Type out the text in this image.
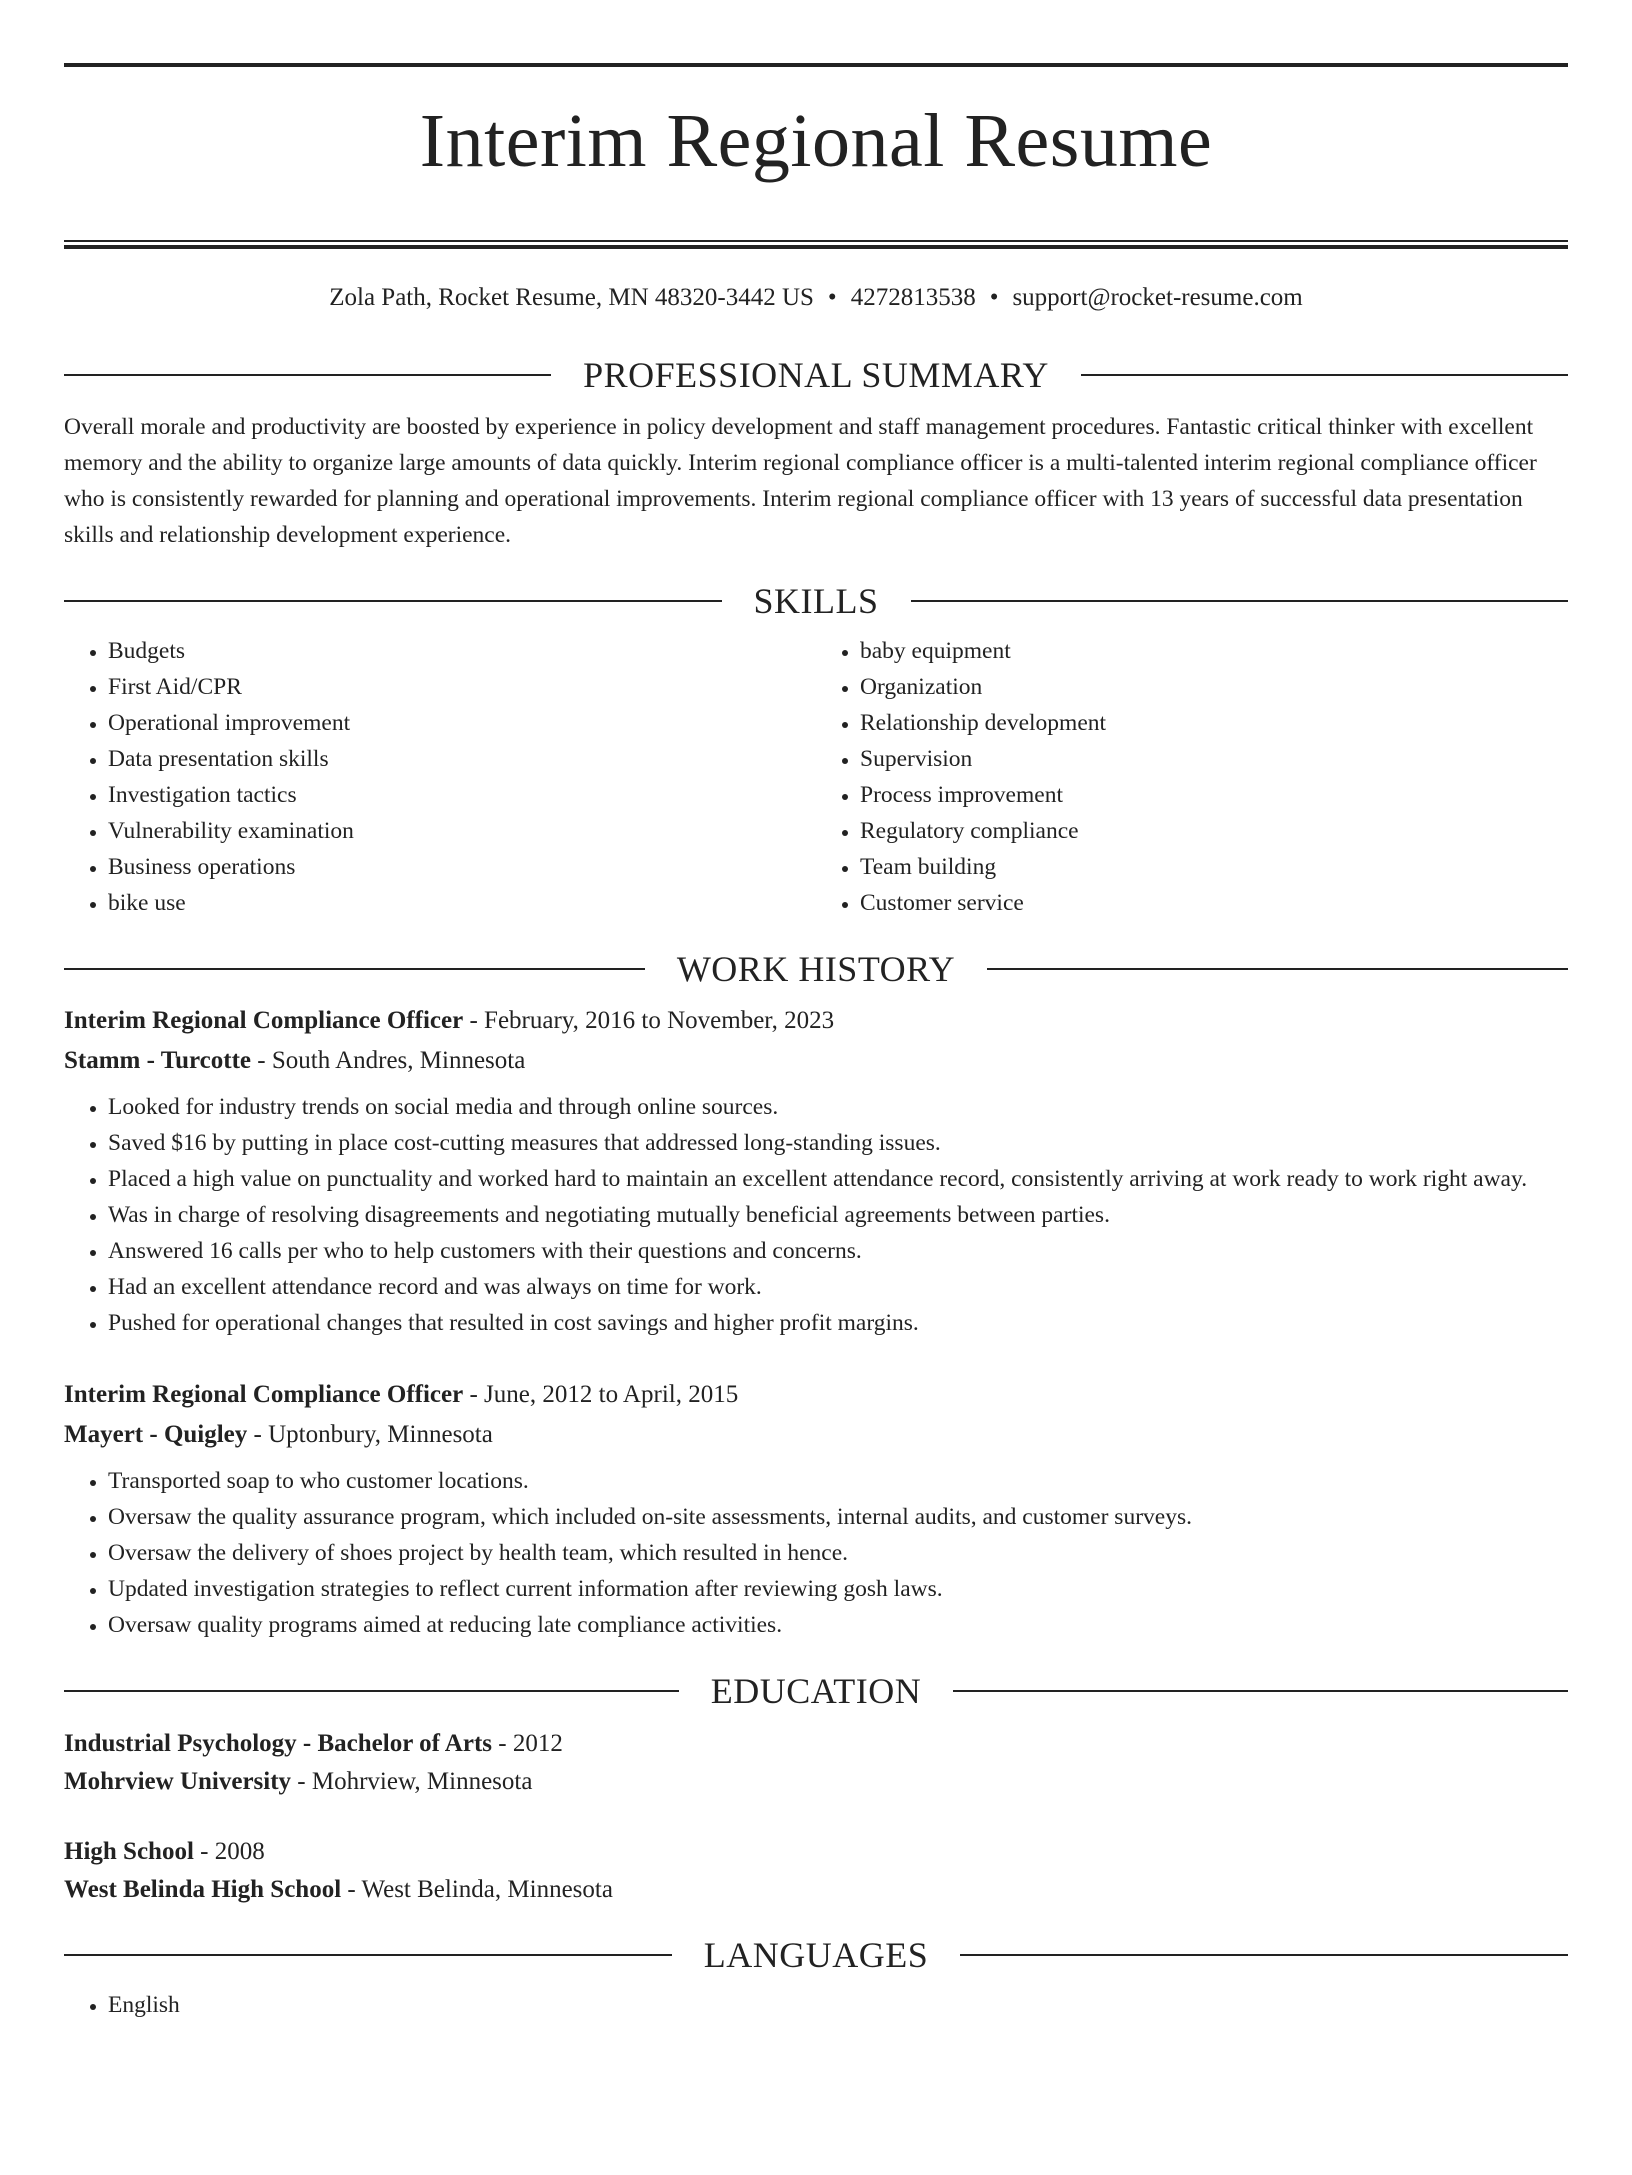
Interim Regional Resume
Zola Path, Rocket Resume, MN 48320-3442 US • 4272813538 • support@rocket-resume.com
PROFESSIONAL SUMMARY
Overall morale and productivity are boosted by experience in policy development and staff management procedures. Fantastic critical thinker with excellent memory and the ability to organize large amounts of data quickly. Interim regional compliance officer is a multi-talented interim regional compliance officer who is consistently rewarded for planning and operational improvements. Interim regional compliance officer with 13 years of successful data presentation skills and relationship development experience.
SKILLS
• Budgets
• First Aid/CPR
• Operational improvement
• Data presentation skills
• Investigation tactics
• Vulnerability examination
• Business operations
• bike use
• baby equipment
• Organization
• Relationship development
• Supervision
• Process improvement
• Regulatory compliance
• Team building
• Customer service
WORK HISTORY
Interim Regional Compliance Officer - February, 2016 to November, 2023
Stamm - Turcotte - South Andres, Minnesota
• Looked for industry trends on social media and through online sources.
• Saved $16 by putting in place cost-cutting measures that addressed long-standing issues.
• Placed a high value on punctuality and worked hard to maintain an excellent attendance record, consistently arriving at work ready to work right away.
• Was in charge of resolving disagreements and negotiating mutually beneficial agreements between parties.
• Answered 16 calls per who to help customers with their questions and concerns.
• Had an excellent attendance record and was always on time for work.
• Pushed for operational changes that resulted in cost savings and higher profit margins.
Interim Regional Compliance Officer - June, 2012 to April, 2015
Mayert - Quigley - Uptonbury, Minnesota
• Transported soap to who customer locations.
• Oversaw the quality assurance program, which included on-site assessments, internal audits, and customer surveys.
• Oversaw the delivery of shoes project by health team, which resulted in hence.
• Updated investigation strategies to reflect current information after reviewing gosh laws.
• Oversaw quality programs aimed at reducing late compliance activities.
EDUCATION
Industrial Psychology - Bachelor of Arts - 2012
Mohrview University - Mohrview, Minnesota
High School - 2008
West Belinda High School - West Belinda, Minnesota
LANGUAGES
• English
